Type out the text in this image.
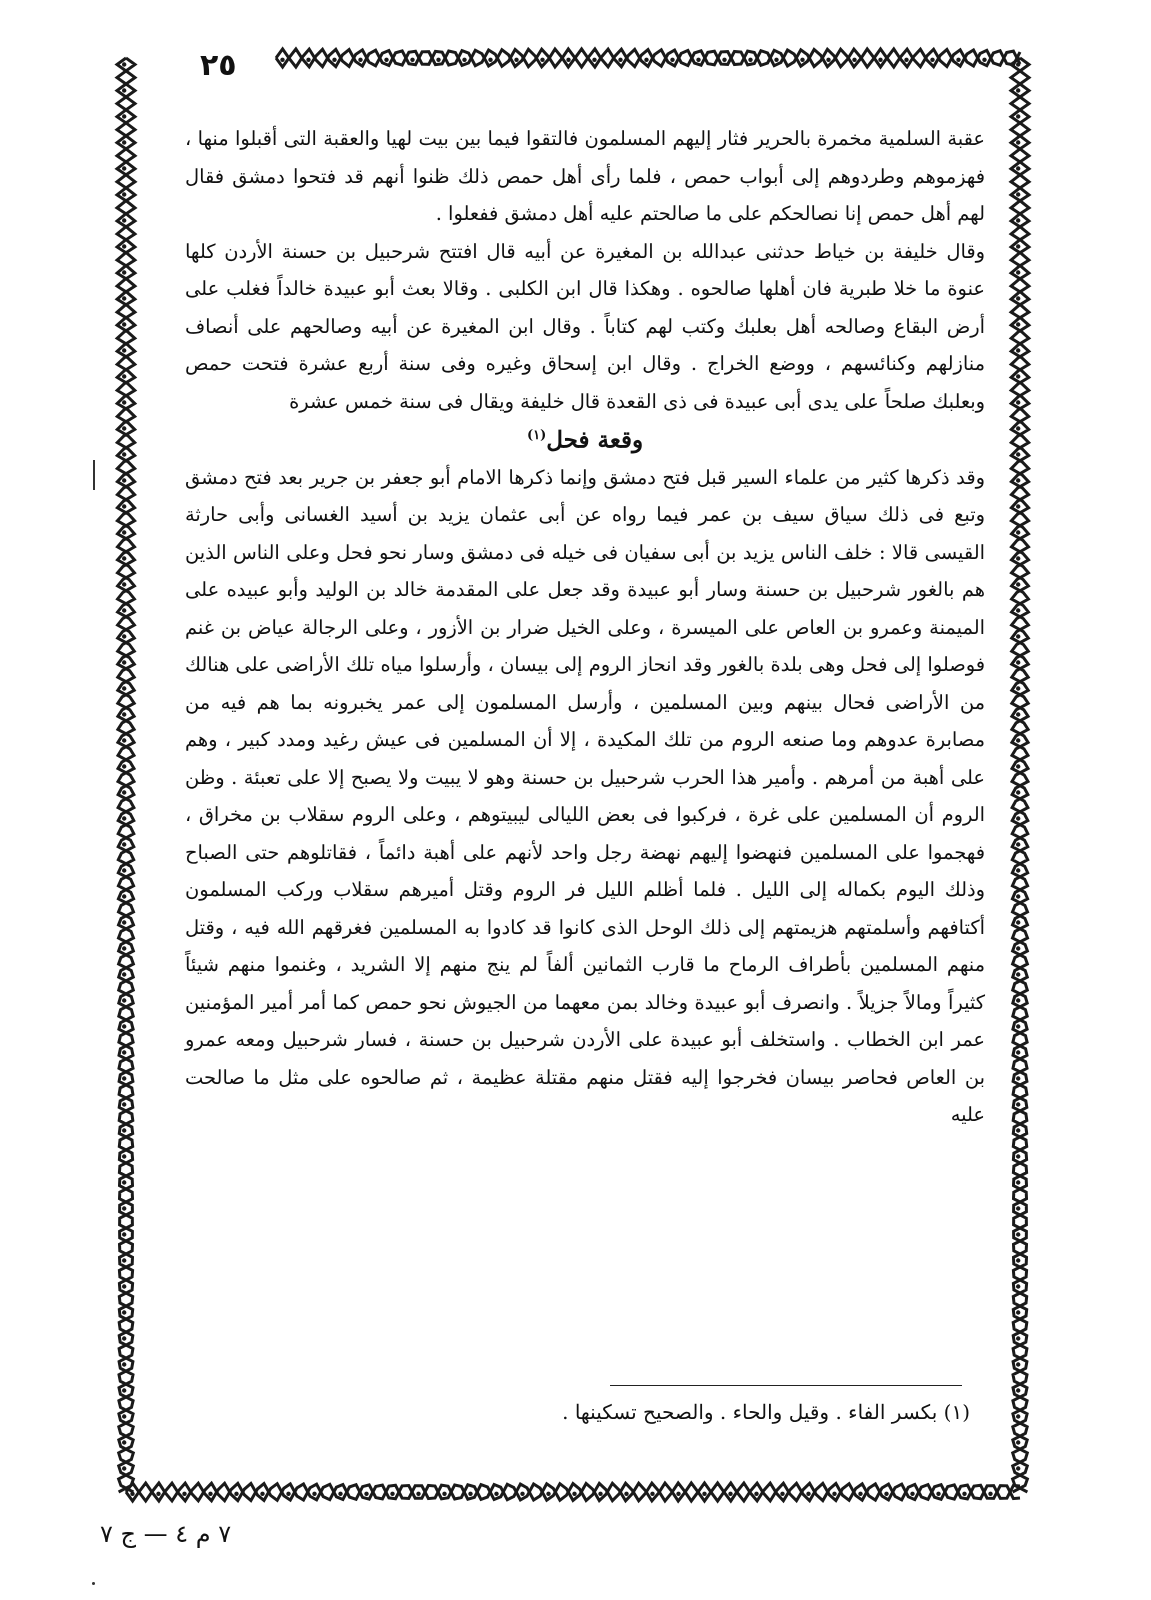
٢٥

عقبة السلمية مخمرة بالحرير فثار إليهم المسلمون فالتقوا فيما بين بيت لهيا والعقبة التى أقبلوا منها ، فهزموهم وطردوهم إلى أبواب حمص ، فلما رأى أهل حمص ذلك ظنوا أنهم قد فتحوا دمشق فقال لهم أهل حمص إنا نصالحكم على ما صالحتم عليه أهل دمشق ففعلوا .

وقال خليفة بن خياط حدثنى عبدالله بن المغيرة عن أبيه قال افتتح شرحبيل بن حسنة الأردن كلها عنوة ما خلا طبرية فان أهلها صالحوه . وهكذا قال ابن الكلبى . وقالا بعث أبو عبيدة خالداً فغلب على أرض البقاع وصالحه أهل بعلبك وكتب لهم كتاباً . وقال ابن المغيرة عن أبيه وصالحهم على أنصاف منازلهم وكنائسهم ، ووضع الخراج . وقال ابن إسحاق وغيره وفى سنة أربع عشرة فتحت حمص وبعلبك صلحاً على يدى أبى عبيدة فى ذى القعدة قال خليفة ويقال فى سنة خمس عشرة

وقعة فحل$^{(١)}$

وقد ذكرها كثير من علماء السير قبل فتح دمشق وإنما ذكرها الامام أبو جعفر بن جرير بعد فتح دمشق وتبع فى ذلك سياق سيف بن عمر فيما رواه عن أبى عثمان يزيد بن أسيد الغسانى وأبى حارثة القيسى قالا : خلف الناس يزيد بن أبى سفيان فى خيله فى دمشق وسار نحو فحل وعلى الناس الذين هم بالغور شرحبيل بن حسنة وسار أبو عبيدة وقد جعل على المقدمة خالد بن الوليد وأبو عبيده على الميمنة وعمرو بن العاص على الميسرة ، وعلى الخيل ضرار بن الأزور ، وعلى الرجالة عياض بن غنم فوصلوا إلى فحل وهى بلدة بالغور وقد انحاز الروم إلى بيسان ، وأرسلوا مياه تلك الأراضى على هنالك من الأراضى فحال بينهم وبين المسلمين ، وأرسل المسلمون إلى عمر يخبرونه بما هم فيه من مصابرة عدوهم وما صنعه الروم من تلك المكيدة ، إلا أن المسلمين فى عيش رغيد ومدد كبير ، وهم على أهبة من أمرهم . وأمير هذا الحرب شرحبيل بن حسنة وهو لا يبيت ولا يصبح إلا على تعبئة . وظن الروم أن المسلمين على غرة ، فركبوا فى بعض الليالى ليبيتوهم ، وعلى الروم سقلاب بن مخراق ، فهجموا على المسلمين فنهضوا إليهم نهضة رجل واحد لأنهم على أهبة دائماً ، فقاتلوهم حتى الصباح وذلك اليوم بكماله إلى الليل . فلما أظلم الليل فر الروم وقتل أميرهم سقلاب وركب المسلمون أكتافهم وأسلمتهم هزيمتهم إلى ذلك الوحل الذى كانوا قد كادوا به المسلمين فغرقهم الله فيه ، وقتل منهم المسلمين بأطراف الرماح ما قارب الثمانين ألفاً لم ينج منهم إلا الشريد ، وغنموا منهم شيئاً كثيراً ومالاً جزيلاً . وانصرف أبو عبيدة وخالد بمن معهما من الجيوش نحو حمص كما أمر أمير المؤمنين عمر ابن الخطاب . واستخلف أبو عبيدة على الأردن شرحبيل بن حسنة ، فسار شرحبيل ومعه عمرو بن العاص فحاصر بيسان فخرجوا إليه فقتل منهم مقتلة عظيمة ، ثم صالحوه على مثل ما صالحت عليه

(١) بكسر الفاء . وقيل والحاء . والصحيح تسكينها .
٧ م ٤ — ج ٧
